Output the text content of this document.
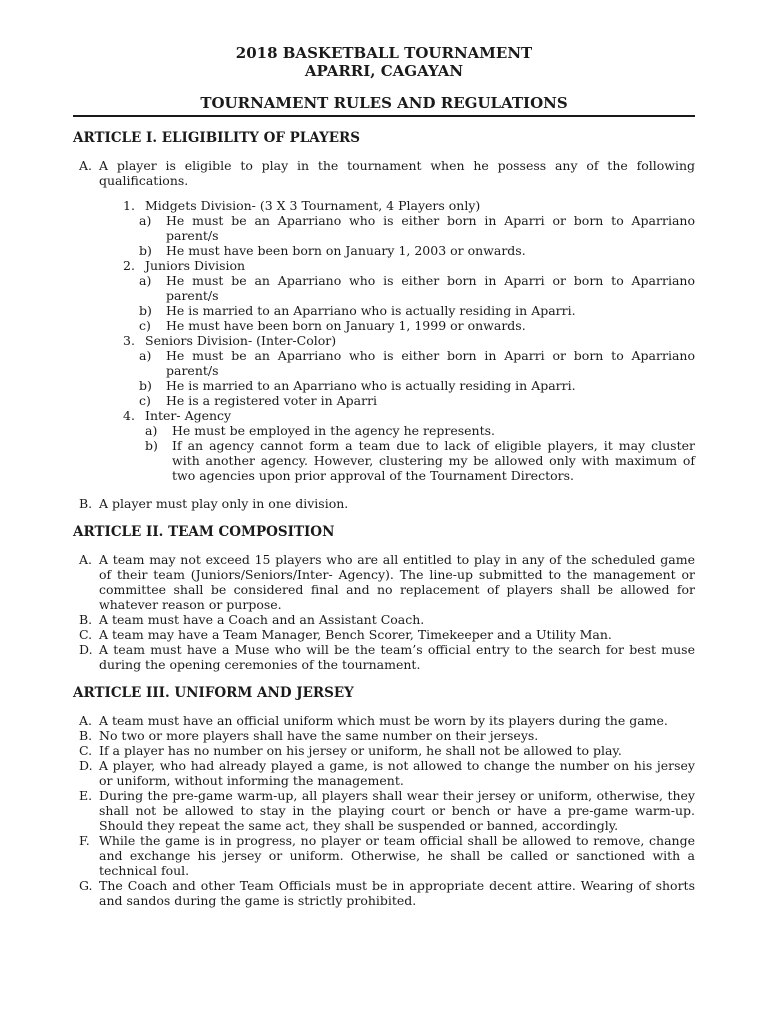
2018 BASKETBALL TOURNAMENT
APARRI, CAGAYAN
TOURNAMENT RULES AND REGULATIONS
ARTICLE I. ELIGIBILITY OF PLAYERS
A. A player is eligible to play in the tournament when he possess any of the following qualifications.
1. Midgets Division- (3 X 3 Tournament, 4 Players only)
a)	He must be an Aparriano who is either born in Aparri or born to Aparriano parent/s
b)	He must have been born on January 1, 2003 or onwards.
2. Juniors Division
a)	He must be an Aparriano who is either born in Aparri or born to Aparriano parent/s
b)	He is married to an Aparriano who is actually residing in Aparri.
c)	He must have been born on January 1, 1999 or onwards.
3. Seniors Division- (Inter-Color)
a)	He must be an Aparriano who is either born in Aparri or born to Aparriano parent/s
b)	He is married to an Aparriano who is actually residing in Aparri.
c)	He is a registered voter in Aparri
4. Inter- Agency
a)	He must be employed in the agency he represents.
b)	If an agency cannot form a team due to lack of eligible players, it may cluster with another agency. However, clustering my be allowed only with maximum of two agencies upon prior approval of the Tournament Directors.
B. A player must play only in one division.
ARTICLE II. TEAM COMPOSITION
A. A team may not exceed 15 players who are all entitled to play in any of the scheduled game of their team (Juniors/Seniors/Inter- Agency). The line-up submitted to the management or committee shall be considered final and no replacement of players shall be allowed for whatever reason or purpose.
B. A team must have a Coach and an Assistant Coach.
C. A team may have a Team Manager, Bench Scorer, Timekeeper and a Utility Man.
D. A team must have a Muse who will be the team’s official entry to the search for best muse during the opening ceremonies of the tournament.
ARTICLE III. UNIFORM AND JERSEY
A. A team must have an official uniform which must be worn by its players during the game.
B. No two or more players shall have the same number on their jerseys.
C. If a player has no number on his jersey or uniform, he shall not be allowed to play.
D. A player, who had already played a game, is not allowed to change the number on his jersey or uniform, without informing the management.
E. During the pre-game warm-up, all players shall wear their jersey or uniform, otherwise, they shall not be allowed to stay in the playing court or bench or have a pre-game warm-up. Should they repeat the same act, they shall be suspended or banned, accordingly.
F. While the game is in progress, no player or team official shall be allowed to remove, change and exchange his jersey or uniform. Otherwise, he shall be called or sanctioned with a technical foul.
G. The Coach and other Team Officials must be in appropriate decent attire. Wearing of shorts and sandos during the game is strictly prohibited.
